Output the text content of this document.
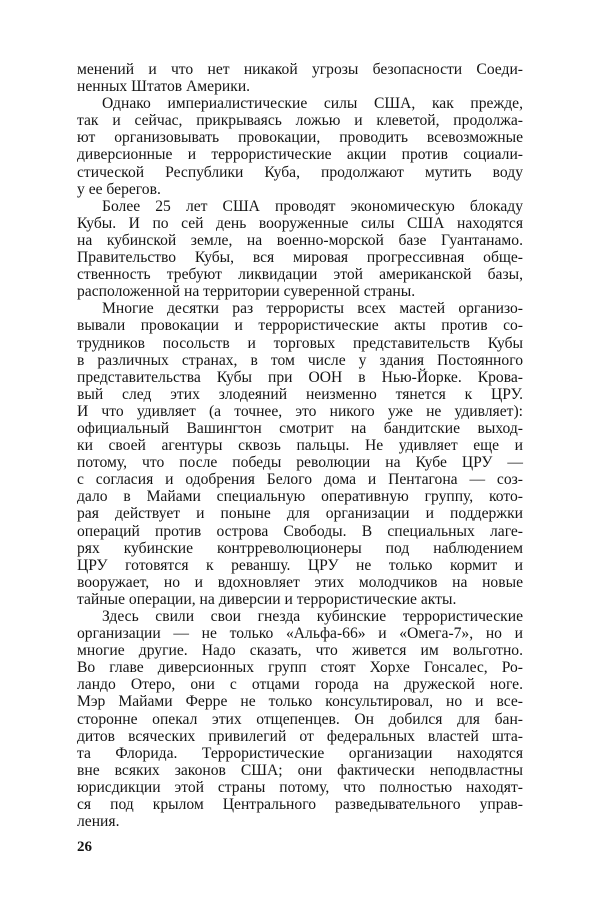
менений и что нет никакой угрозы безопасности Соеди-
ненных Штатов Америки.
Однако империалистические силы США, как прежде,
так и сейчас, прикрываясь ложью и клеветой, продолжа-
ют организовывать провокации, проводить всевозможные
диверсионные и террористические акции против социали-
стической Республики Куба, продолжают мутить воду
у ее берегов.
Более 25 лет США проводят экономическую блокаду
Кубы. И по сей день вооруженные силы США находятся
на кубинской земле, на военно-морской базе Гуантанамо.
Правительство Кубы, вся мировая прогрессивная обще-
ственность требуют ликвидации этой американской базы,
расположенной на территории суверенной страны.
Многие десятки раз террористы всех мастей организо-
вывали провокации и террористические акты против со-
трудников посольств и торговых представительств Кубы
в различных странах, в том числе у здания Постоянного
представительства Кубы при ООН в Нью-Йорке. Крова-
вый след этих злодеяний неизменно тянется к ЦРУ.
И что удивляет (а точнее, это никого уже не удивляет):
официальный Вашингтон смотрит на бандитские выход-
ки своей агентуры сквозь пальцы. Не удивляет еще и
потому, что после победы революции на Кубе ЦРУ —
с согласия и одобрения Белого дома и Пентагона — соз-
дало в Майами специальную оперативную группу, кото-
рая действует и поныне для организации и поддержки
операций против острова Свободы. В специальных лаге-
рях кубинские контрреволюционеры под наблюдением
ЦРУ готовятся к реваншу. ЦРУ не только кормит и
вооружает, но и вдохновляет этих молодчиков на новые
тайные операции, на диверсии и террористические акты.
Здесь свили свои гнезда кубинские террористические
организации — не только «Альфа-66» и «Омега-7», но и
многие другие. Надо сказать, что живется им вольготно.
Во главе диверсионных групп стоят Хорхе Гонсалес, Ро-
ландо Отеро, они с отцами города на дружеской ноге.
Мэр Майами Ферре не только консультировал, но и все-
сторонне опекал этих отщепенцев. Он добился для бан-
дитов всяческих привилегий от федеральных властей шта-
та Флорида. Террористические организации находятся
вне всяких законов США; они фактически неподвластны
юрисдикции этой страны потому, что полностью находят-
ся под крылом Центрального разведывательного управ-
ления.
26
